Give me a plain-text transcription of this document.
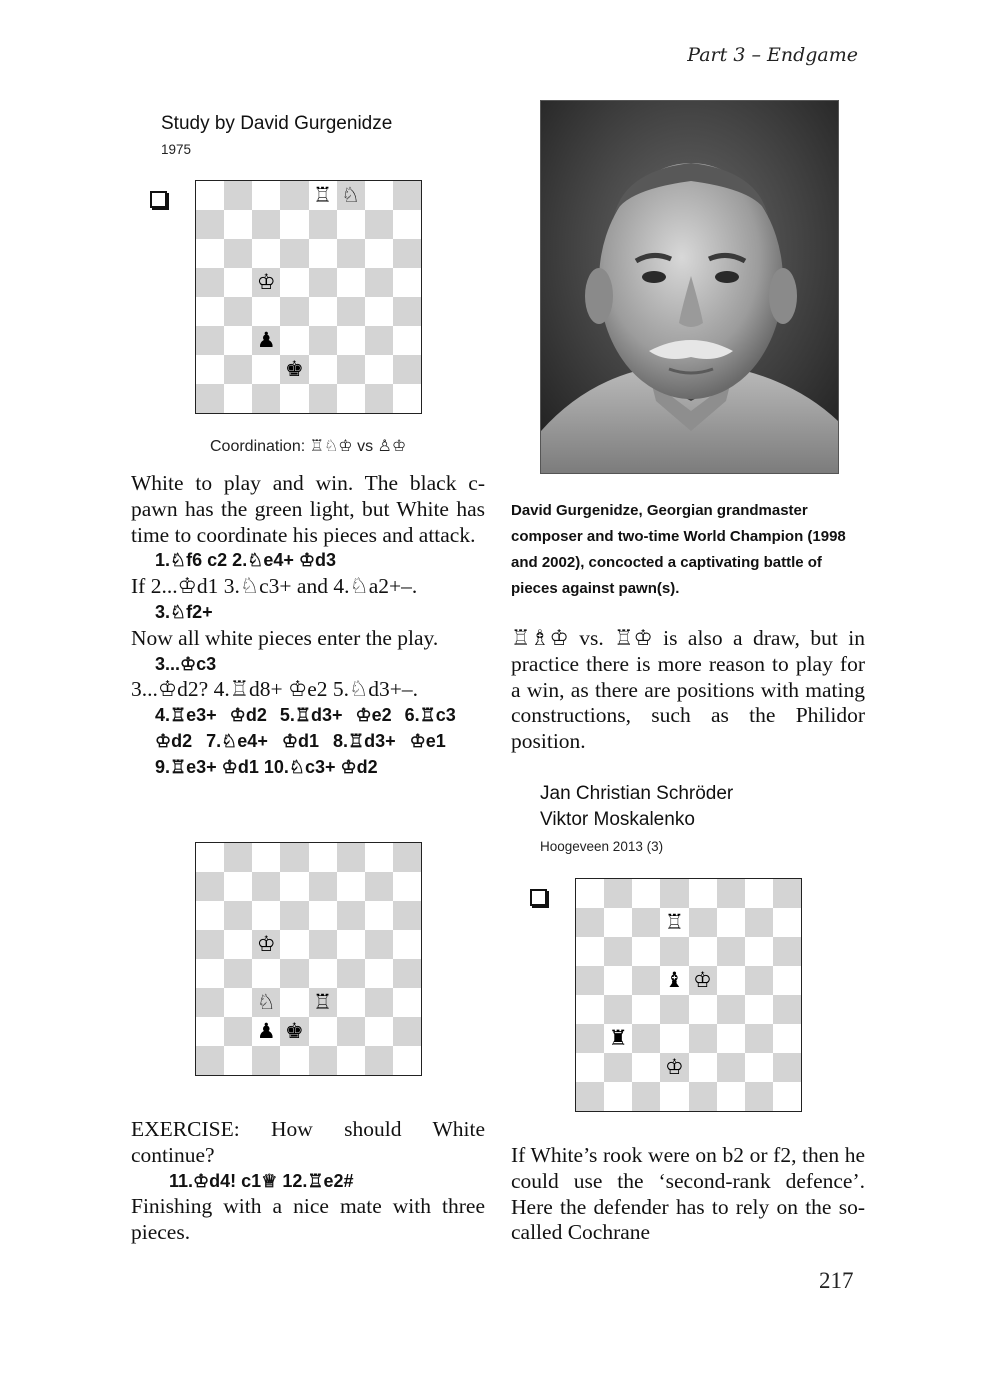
Part 3 – Endgame
Study by David Gurgenidze
1975
♖ ♘
♔
♟
♚
Coordination: ♖♘♔ vs ♙♔
White to play and win. The black c-pawn has the green light, but White has time to coordinate his pieces and attack.
1.♘f6 c2 2.♘e4+ ♔d3
If 2...♔d1 3.♘c3+ and 4.♘a2+–.
3.♘f2+
Now all white pieces enter the play.
3...♔c3
3...♔d2? 4.♖d8+ ♔e2 5.♘d3+–.
4.♖e3+ ♔d2 5.♖d3+ ♔e2 6.♖c3
♔d2 7.♘e4+ ♔d1 8.♖d3+ ♔e1
9.♖e3+ ♔d1 10.♘c3+ ♔d2
♔
♘ ♖
♟ ♚
EXERCISE: How should White continue?
11.♔d4! c1♕ 12.♖e2#
Finishing with a nice mate with three pieces.
David Gurgenidze, Georgian grandmaster composer and two-time World Champion (1998 and 2002), concocted a captivating battle of pieces against pawn(s).
♖♗♔ vs. ♖♔ is also a draw, but in practice there is more reason to play for a win, as there are positions with mating constructions, such as the Philidor position.
Jan Christian Schröder
Viktor Moskalenko
Hoogeveen 2013 (3)
♖
♝ ♔
♜
♔
If White’s rook were on b2 or f2, then he could use the ‘second-rank defence’. Here the defender has to rely on the so-called Cochrane
217
